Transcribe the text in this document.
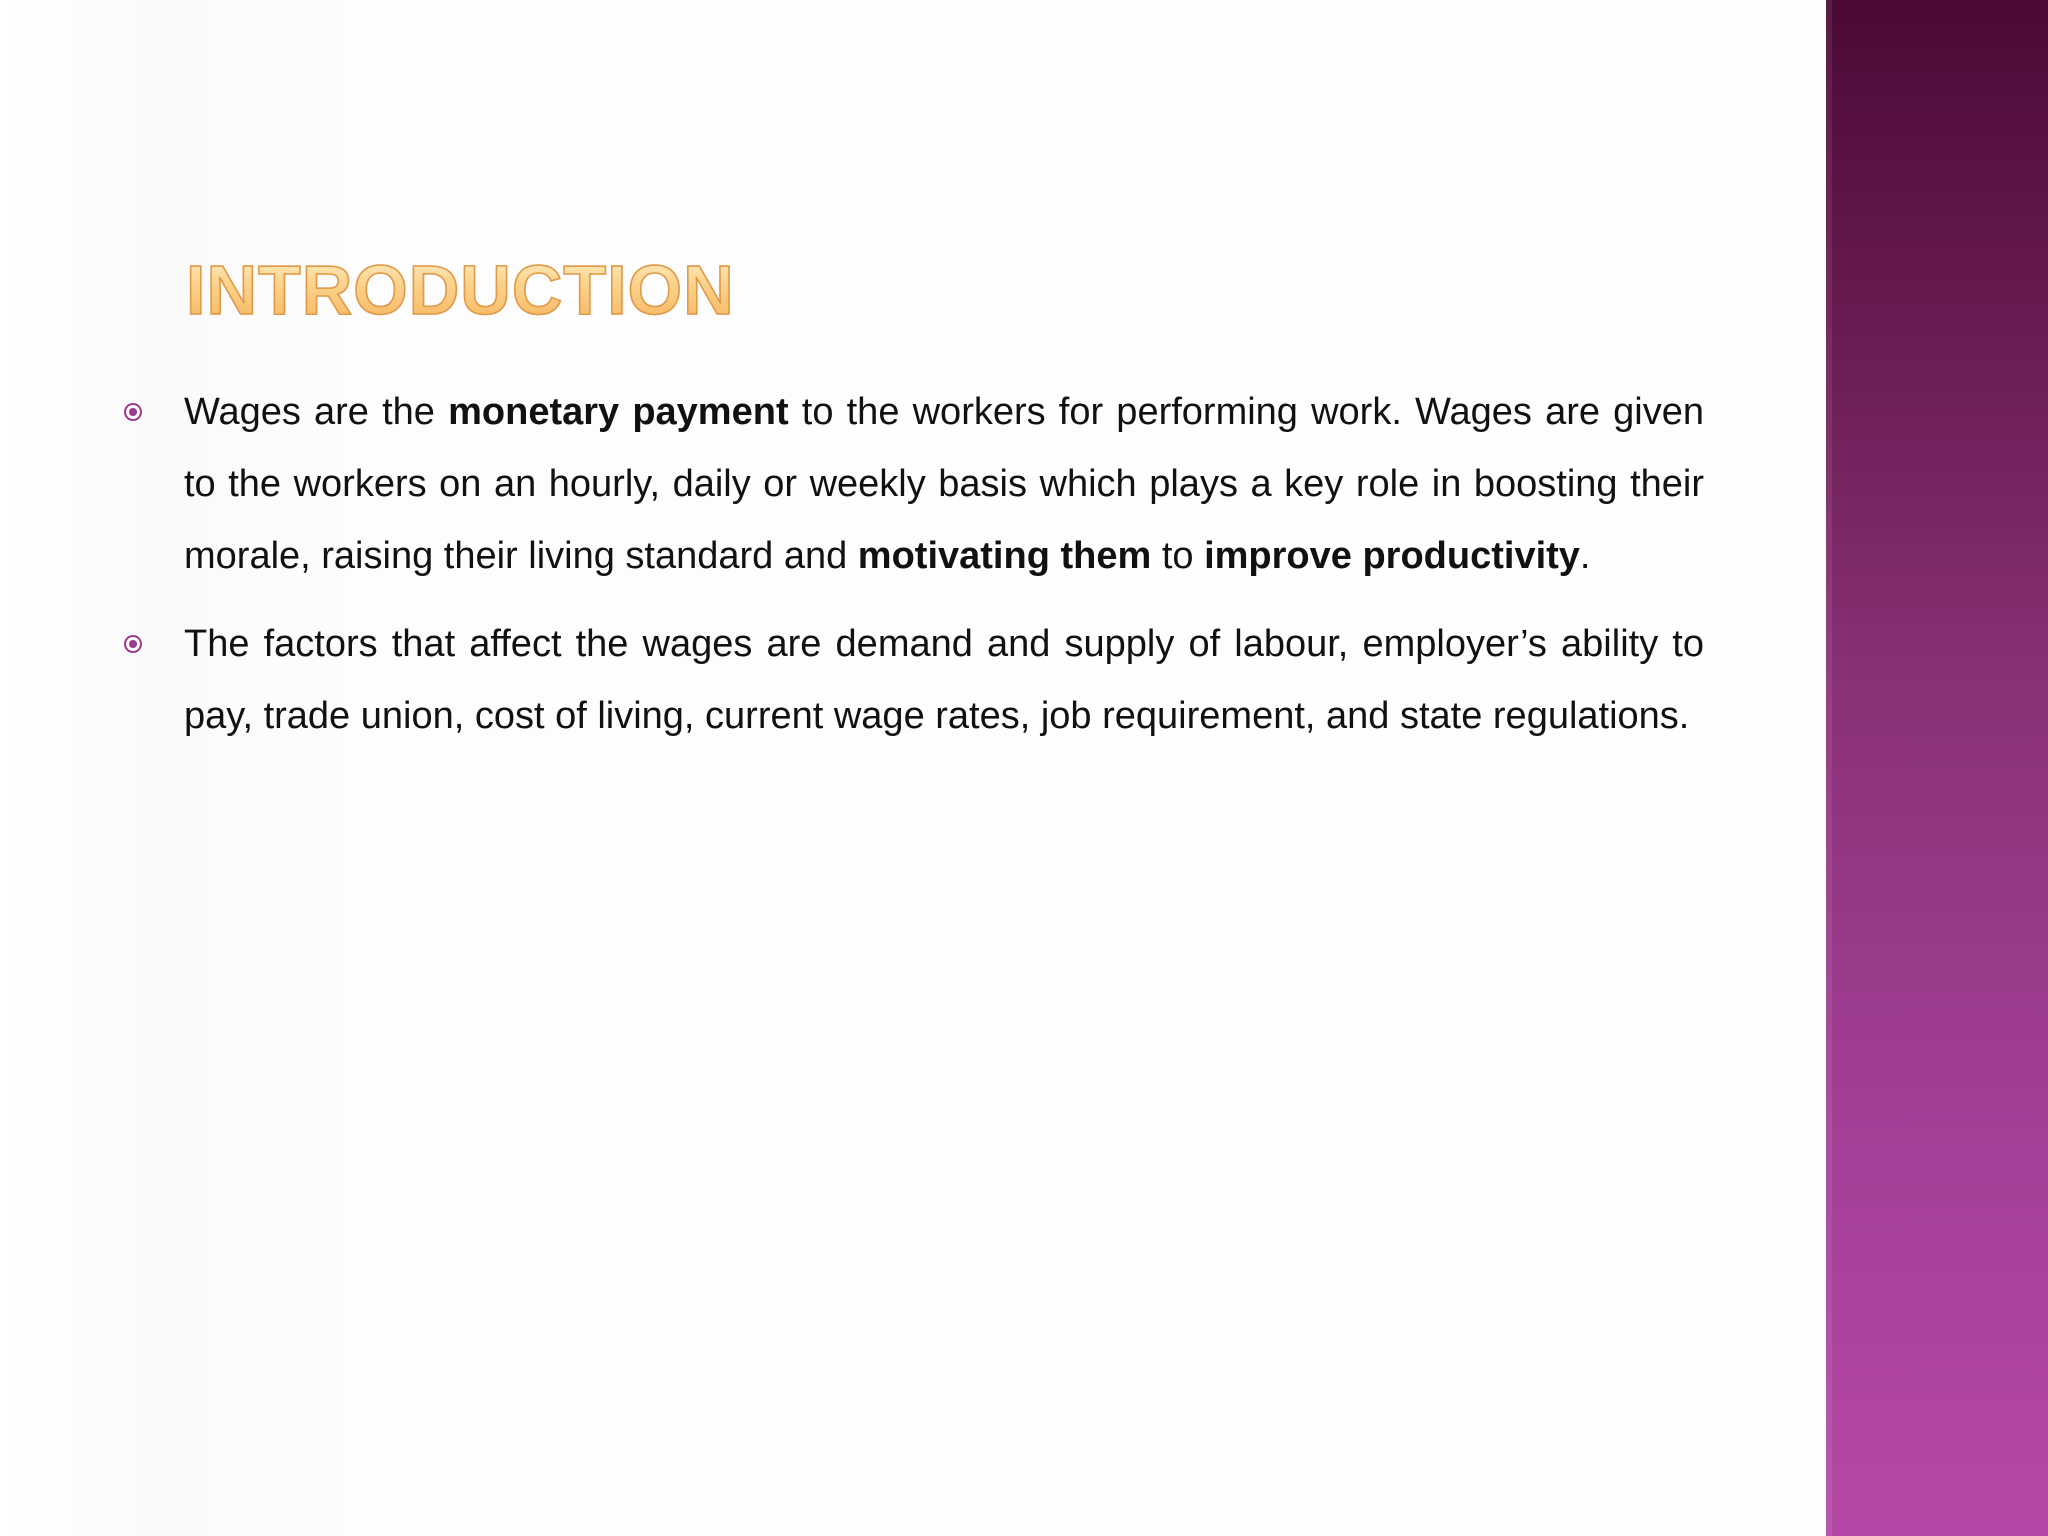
INTRODUCTION
Wages are the monetary payment to the workers for performing work. Wages are given to the workers on an hourly, daily or weekly basis which plays a key role in boosting their morale, raising their living standard and motivating them to improve productivity.
The factors that affect the wages are demand and supply of labour, employer’s ability to pay, trade union, cost of living, current wage rates, job requirement, and state regulations.
